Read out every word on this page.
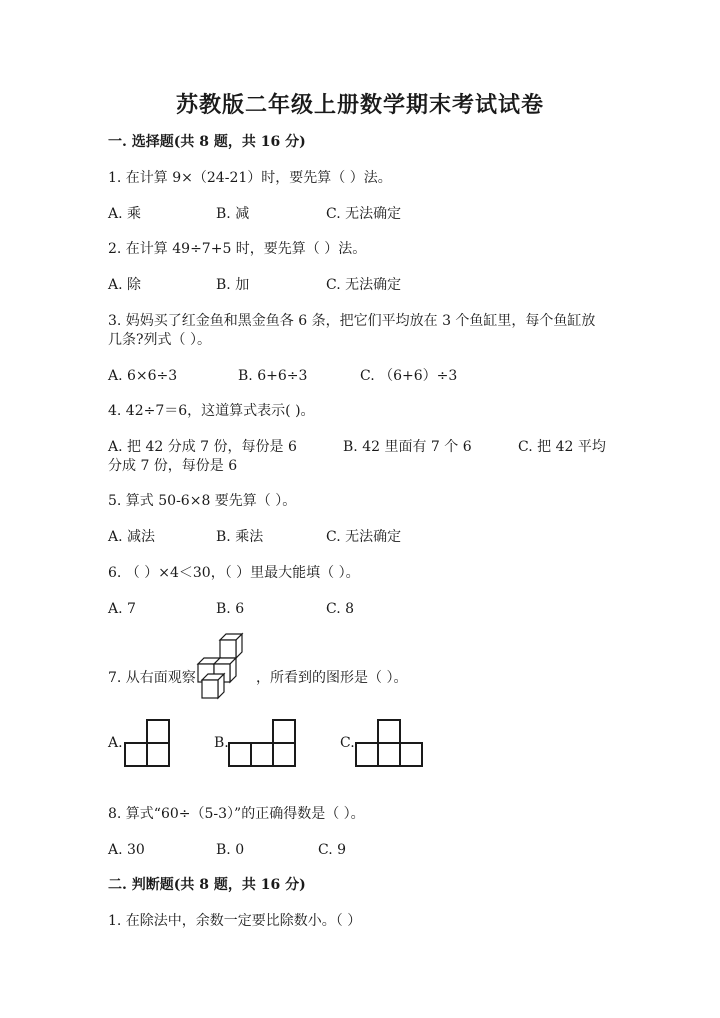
苏教版二年级上册数学期末考试试卷
一. 选择题(共 8 题，共 16 分)
1. 在计算 9×（24-21）时，要先算（ ）法。
A. 乘	B. 减	C. 无法确定
2. 在计算 49÷7+5 时，要先算（ ）法。
A. 除	B. 加	C. 无法确定
3. 妈妈买了红金鱼和黑金鱼各 6 条，把它们平均放在 3 个鱼缸里，每个鱼缸放
几条?列式（ ）。
A. 6×6÷3	B. 6+6÷3	C. （6+6）÷3
4. 42÷7＝6，这道算式表示( )。
A. 把 42 分成 7 份，每份是 6	B. 42 里面有 7 个 6	C. 把 42 平均
分成 7 份，每份是 6
5. 算式 50-6×8 要先算（ ）。
A. 减法	B. 乘法	C. 无法确定
6. （ ）×4＜30，（ ）里最大能填（ ）。
A. 7	B. 6	C. 8
7. 从右面观察	，所看到的图形是（ ）。
A.	B.	C.
8. 算式“60÷（5-3）”的正确得数是（ ）。
A. 30	B. 0	C. 9
二. 判断题(共 8 题，共 16 分)
1. 在除法中，余数一定要比除数小。（ ）
